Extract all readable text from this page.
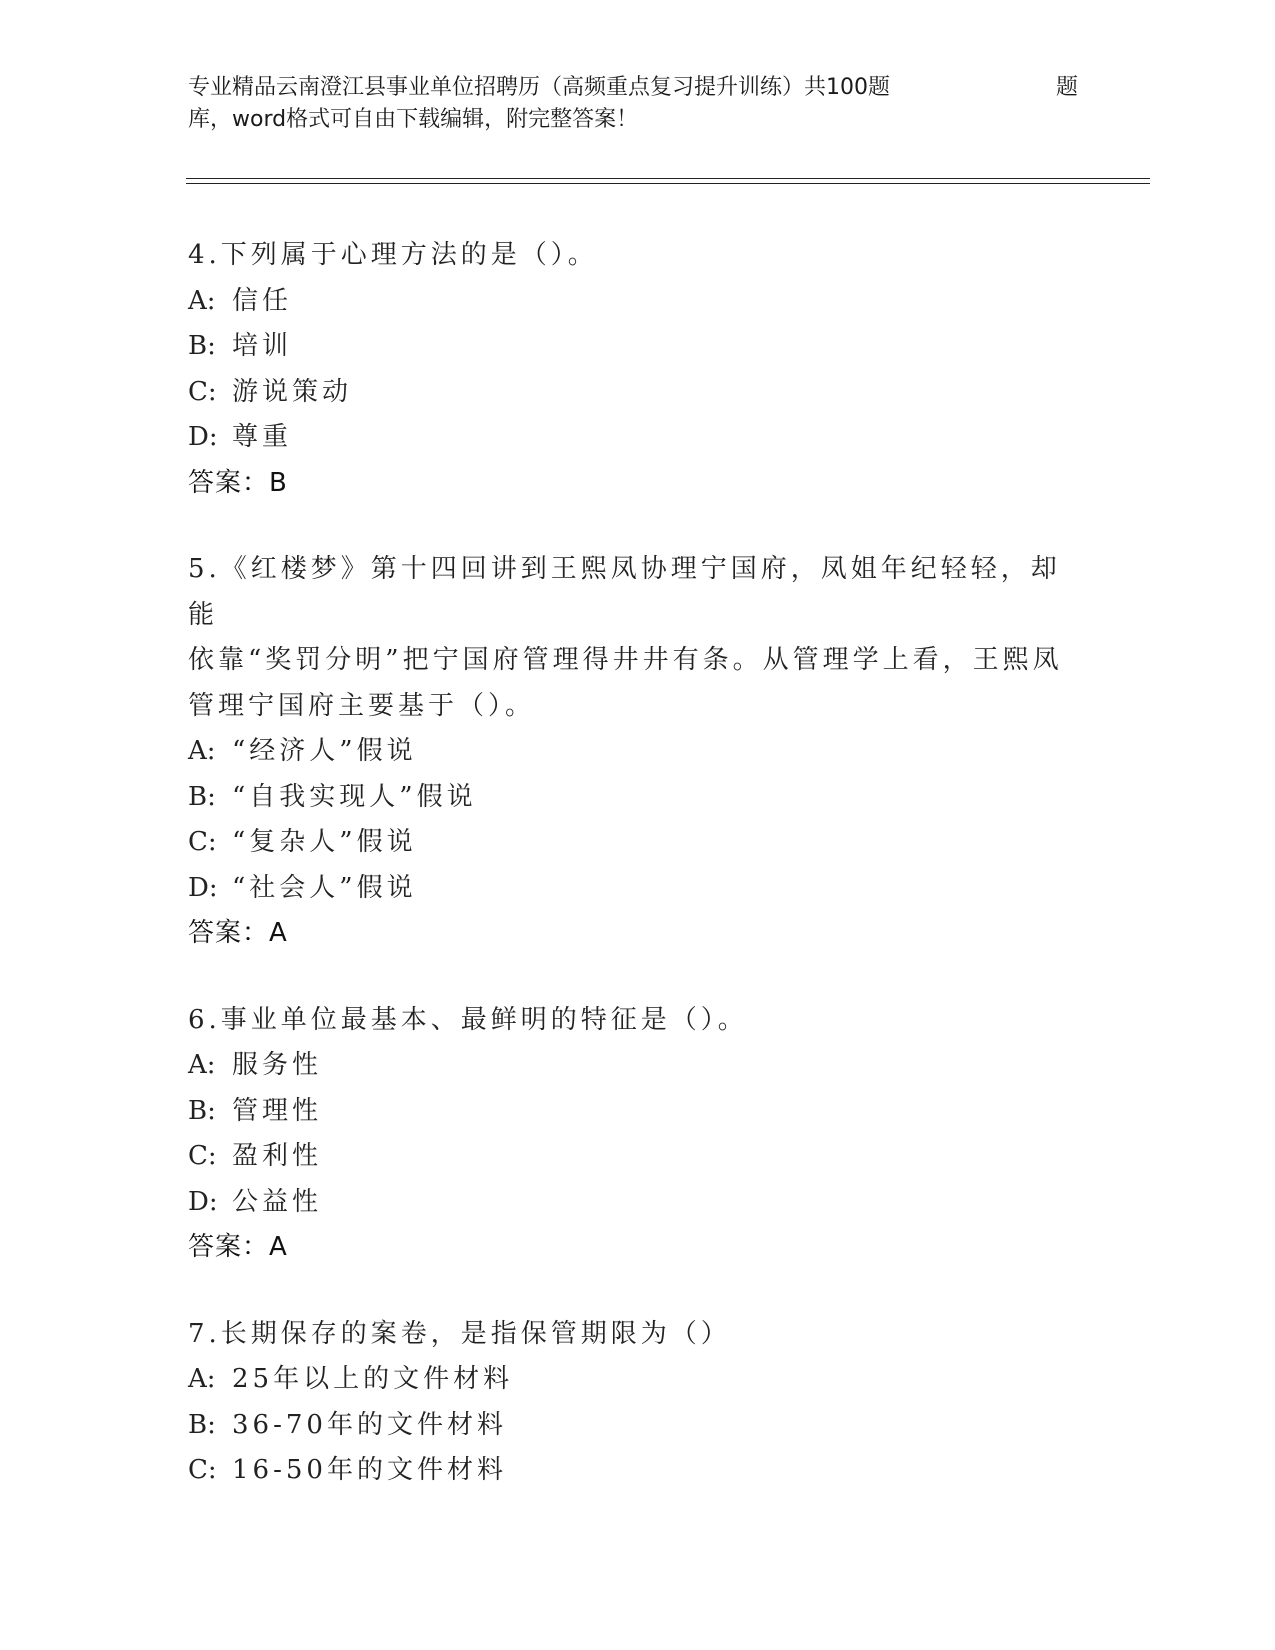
专业精品云南澄江县事业单位招聘历（高频重点复习提升训练）共100题	题
库，word格式可自由下载编辑，附完整答案！

4.下列属于心理方法的是（）。

A: 信任

B: 培训

C: 游说策动

D: 尊重

答案：B

5.《红楼梦》第十四回讲到王熙凤协理宁国府，凤姐年纪轻轻，却能

依靠“奖罚分明”把宁国府管理得井井有条。从管理学上看，王熙凤

管理宁国府主要基于（）。

A: “经济人”假说

B: “自我实现人”假说

C: “复杂人”假说

D: “社会人”假说

答案：A

6.事业单位最基本、最鲜明的特征是（）。

A: 服务性

B: 管理性

C: 盈利性

D: 公益性

答案：A

7.长期保存的案卷，是指保管期限为（）

A: 25年以上的文件材料

B: 36-70年的文件材料

C: 16-50年的文件材料
